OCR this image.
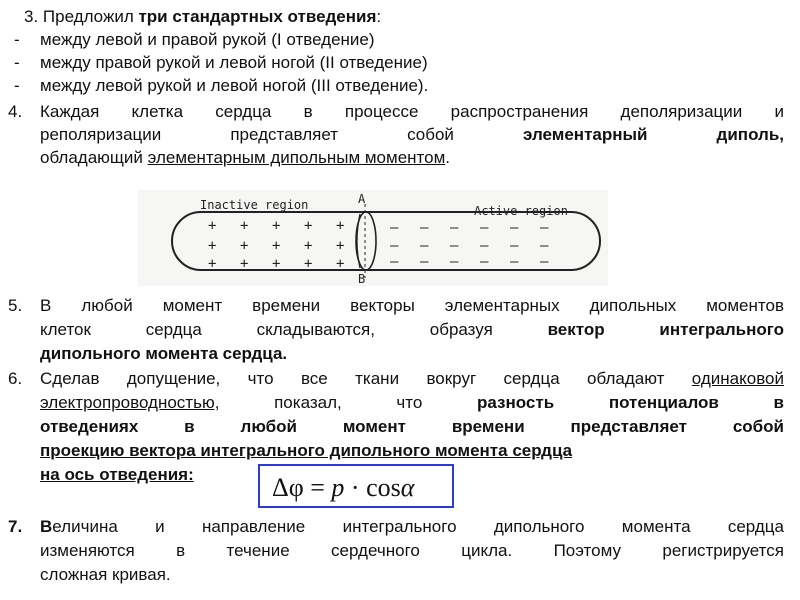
3. Предложил три стандартных отведения:
- между левой и правой рукой (I отведение)
- между правой рукой и левой ногой (II отведение)
- между левой рукой и левой ногой (III отведение).
4. Каждая клетка сердца в процессе распространения деполяризации и
реполяризации представляет собой элементарный диполь,
обладающий элементарным дипольным моментом.
+ + + + +
+ + + + +
+ + + + +
– – – – – –
– – – – – –
– – – – – –
Inactive region	Active region
A
B
5. В любой момент времени векторы элементарных дипольных моментов
клеток сердца складываются, образуя вектор интегрального
дипольного момента сердца.
6. Сделав допущение, что все ткани вокруг сердца обладают одинаковой
электропроводностью, показал, что разность потенциалов в
отведениях в любой момент времени представляет собой
проекцию вектора интегрального дипольного момента сердца
на ось отведения:	Δφ = p · cosα
7. Величина и направление интегрального дипольного момента сердца
изменяются в течение сердечного цикла. Поэтому регистрируется
сложная кривая.
